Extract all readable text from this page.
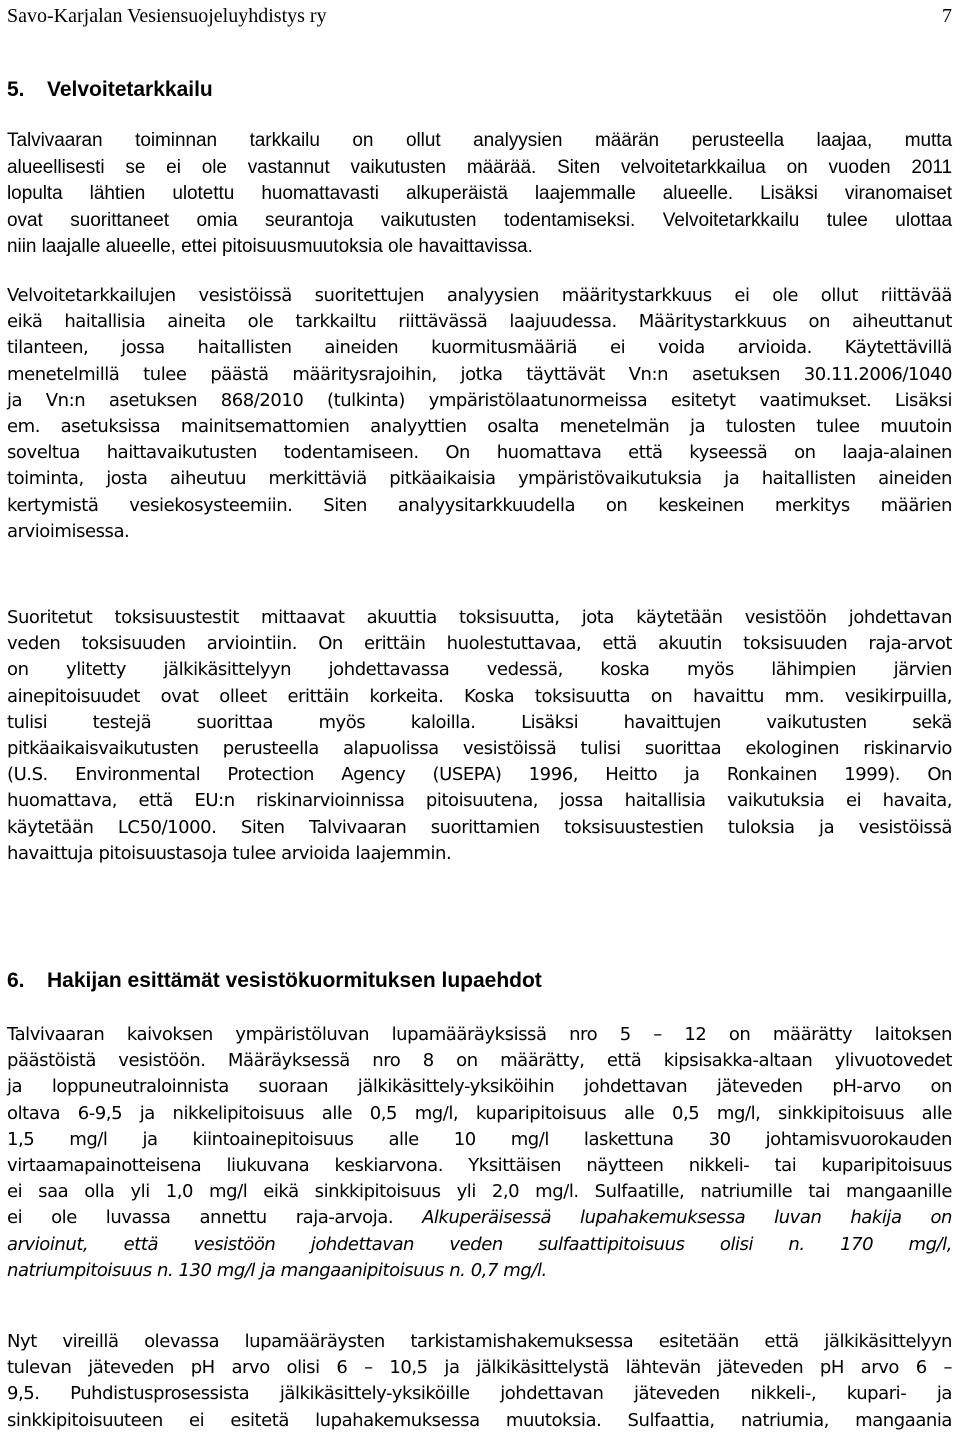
Savo-Karjalan Vesiensuojeluyhdistys ry	7
5. Velvoitetarkkailu
Talvivaaran toiminnan tarkkailu on ollut analyysien määrän perusteella laajaa, mutta
alueellisesti se ei ole vastannut vaikutusten määrää. Siten velvoitetarkkailua on vuoden 2011
lopulta lähtien ulotettu huomattavasti alkuperäistä laajemmalle alueelle. Lisäksi viranomaiset
ovat suorittaneet omia seurantoja vaikutusten todentamiseksi. Velvoitetarkkailu tulee ulottaa
niin laajalle alueelle, ettei pitoisuusmuutoksia ole havaittavissa.
Velvoitetarkkailujen vesistöissä suoritettujen analyysien määritystarkkuus ei ole ollut riittävää
eikä haitallisia aineita ole tarkkailtu riittävässä laajuudessa. Määritystarkkuus on aiheuttanut
tilanteen, jossa haitallisten aineiden kuormitusmääriä ei voida arvioida. Käytettävillä
menetelmillä tulee päästä määritysrajoihin, jotka täyttävät Vn:n asetuksen 30.11.2006/1040
ja Vn:n asetuksen 868/2010 (tulkinta) ympäristölaatunormeissa esitetyt vaatimukset. Lisäksi
em. asetuksissa mainitsemattomien analyyttien osalta menetelmän ja tulosten tulee muutoin
soveltua haittavaikutusten todentamiseen. On huomattava että kyseessä on laaja-alainen
toiminta, josta aiheutuu merkittäviä pitkäaikaisia ympäristövaikutuksia ja haitallisten aineiden
kertymistä vesiekosysteemiin. Siten analyysitarkkuudella on keskeinen merkitys määrien
arvioimisessa.
Suoritetut toksisuustestit mittaavat akuuttia toksisuutta, jota käytetään vesistöön johdettavan
veden toksisuuden arviointiin. On erittäin huolestuttavaa, että akuutin toksisuuden raja-arvot
on ylitetty jälkikäsittelyyn johdettavassa vedessä, koska myös lähimpien järvien
ainepitoisuudet ovat olleet erittäin korkeita. Koska toksisuutta on havaittu mm. vesikirpuilla,
tulisi testejä suorittaa myös kaloilla. Lisäksi havaittujen vaikutusten sekä
pitkäaikaisvaikutusten perusteella alapuolissa vesistöissä tulisi suorittaa ekologinen riskinarvio
(U.S. Environmental Protection Agency (USEPA) 1996, Heitto ja Ronkainen 1999). On
huomattava, että EU:n riskinarvioinnissa pitoisuutena, jossa haitallisia vaikutuksia ei havaita,
käytetään LC50/1000. Siten Talvivaaran suorittamien toksisuustestien tuloksia ja vesistöissä
havaittuja pitoisuustasoja tulee arvioida laajemmin.
6. Hakijan esittämät vesistökuormituksen lupaehdot
Talvivaaran kaivoksen ympäristöluvan lupamääräyksissä nro 5 – 12 on määrätty laitoksen
päästöistä vesistöön. Määräyksessä nro 8 on määrätty, että kipsisakka-altaan ylivuotovedet
ja loppuneutraloinnista suoraan jälkikäsittely-yksiköihin johdettavan jäteveden pH-arvo on
oltava 6-9,5 ja nikkelipitoisuus alle 0,5 mg/l, kuparipitoisuus alle 0,5 mg/l, sinkkipitoisuus alle
1,5 mg/l ja kiintoainepitoisuus alle 10 mg/l laskettuna 30 johtamisvuorokauden
virtaamapainotteisena liukuvana keskiarvona. Yksittäisen näytteen nikkeli- tai kuparipitoisuus
ei saa olla yli 1,0 mg/l eikä sinkkipitoisuus yli 2,0 mg/l. Sulfaatille, natriumille tai mangaanille
ei ole luvassa annettu raja-arvoja. Alkuperäisessä lupahakemuksessa luvan hakija on
arvioinut, että vesistöön johdettavan veden sulfaattipitoisuus olisi n. 170 mg/l,
natriumpitoisuus n. 130 mg/l ja mangaanipitoisuus n. 0,7 mg/l.
Nyt vireillä olevassa lupamääräysten tarkistamishakemuksessa esitetään että jälkikäsittelyyn
tulevan jäteveden pH arvo olisi 6 – 10,5 ja jälkikäsittelystä lähtevän jäteveden pH arvo 6 –
9,5. Puhdistusprosessista jälkikäsittely-yksiköille johdettavan jäteveden nikkeli-, kupari- ja
sinkkipitoisuuteen ei esitetä lupahakemuksessa muutoksia. Sulfaattia, natriumia, mangaania
